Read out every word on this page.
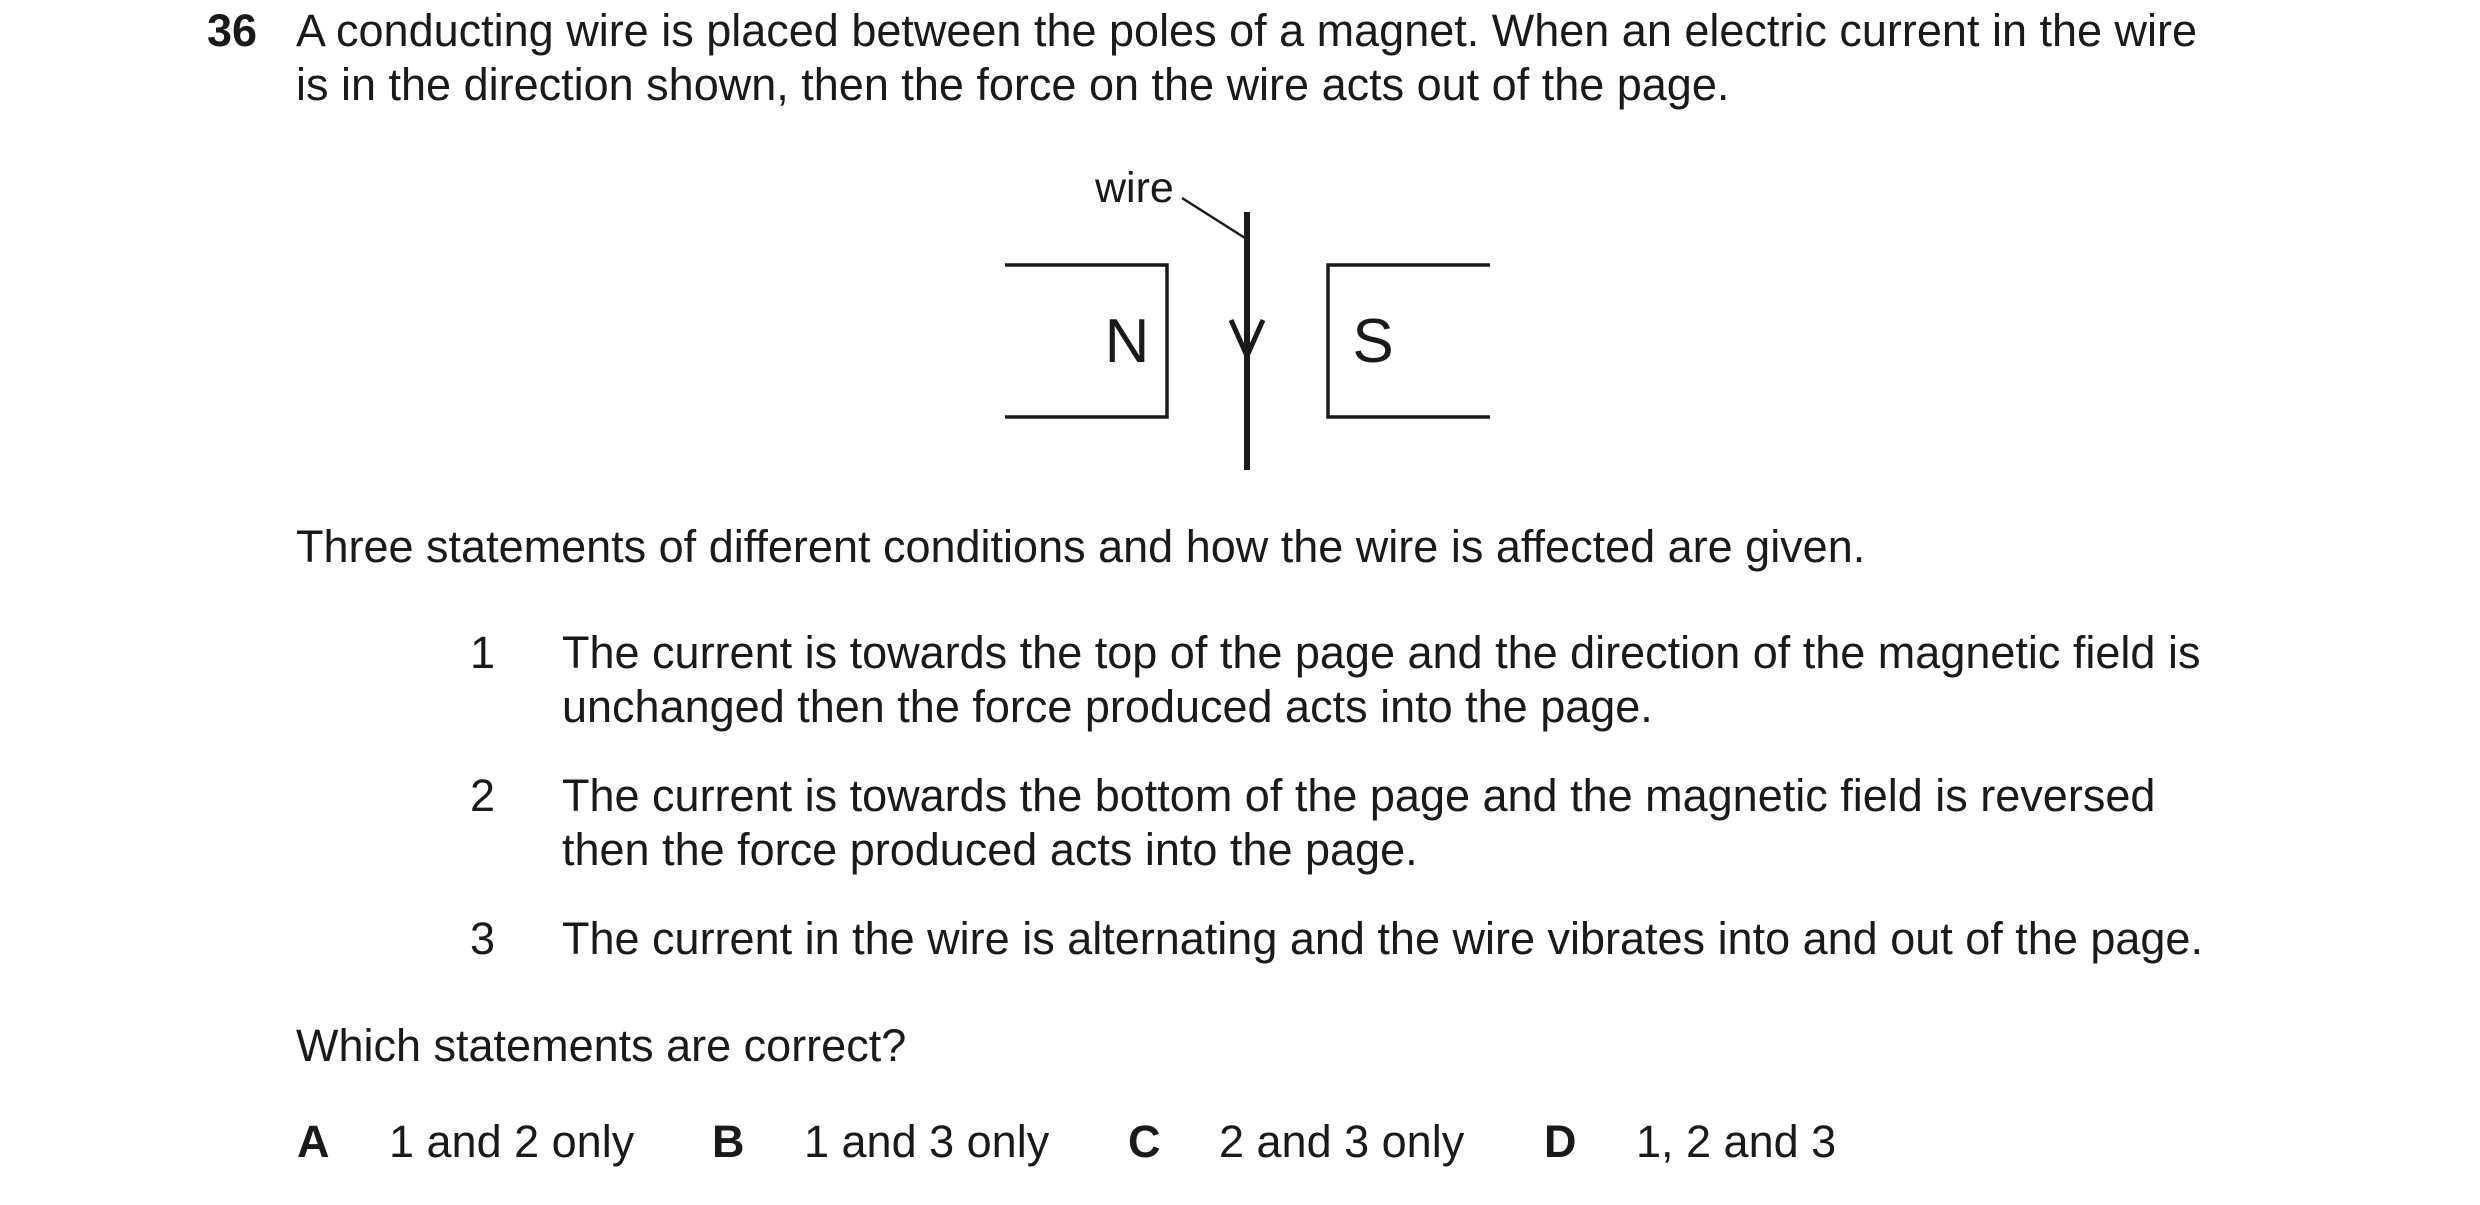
36 A conducting wire is placed between the poles of a magnet. When an electric current in the wire
is in the direction shown, then the force on the wire acts out of the page.
wire
N	S
Three statements of different conditions and how the wire is affected are given.
1 The current is towards the top of the page and the direction of the magnetic field is
unchanged then the force produced acts into the page.
2 The current is towards the bottom of the page and the magnetic field is reversed
then the force produced acts into the page.
3 The current in the wire is alternating and the wire vibrates into and out of the page.
Which statements are correct?
A 1 and 2 only B 1 and 3 only C 2 and 3 only D 1, 2 and 3
